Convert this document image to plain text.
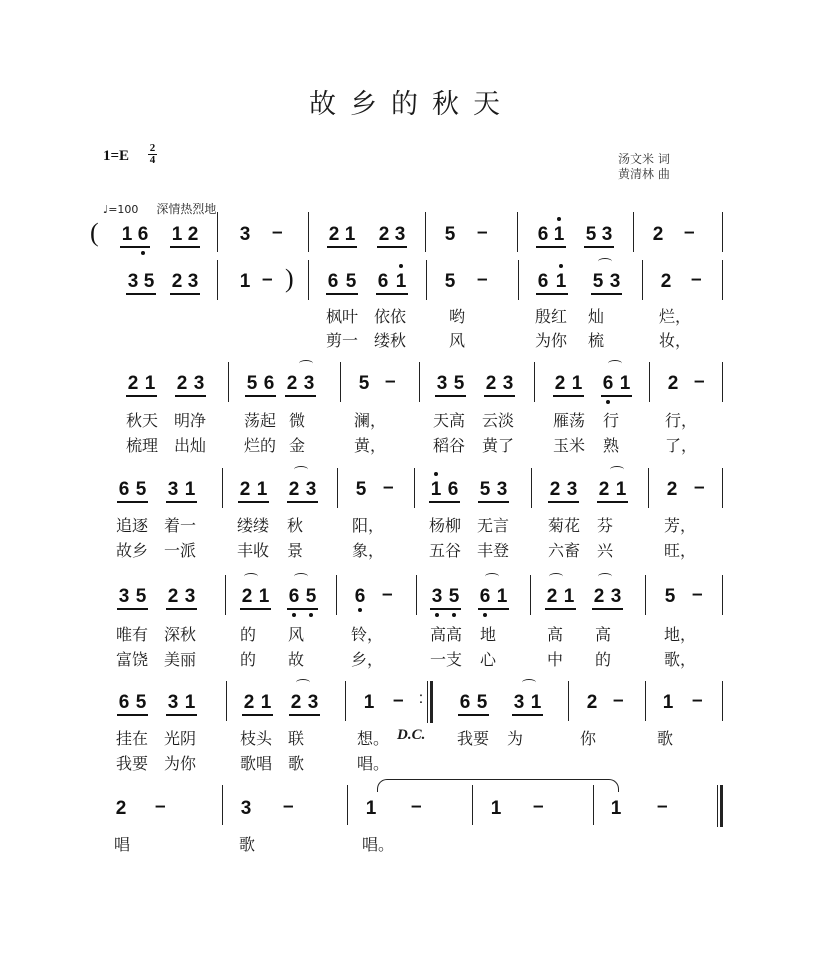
故乡的秋天
1=E 2
4	汤文米 词
黄清林 曲
♩=100 深情热烈地
( 1 6 1 2 3 – 2 1 2 3 5 –	6 1 5 3 2 –
3 5 2 3 1 – ) 6 5 6 1 5 –	6 1 5 3 2 –
枫叶 依依	哟	殷红 灿	烂，
剪一 缕秋	风	为你 梳	妆，
2 1 2 3 5 6 2 3 5 – 3 5 2 3 2 1 6 1 2 –
秋天 明净 荡起 微	澜，	天高 云淡 雁荡 行	行，
梳理 出灿 烂的 金	黄，	稻谷 黄了 玉米 熟	了，
6 5 3 1 2 1 2 3 5 – 1 6 5 3 2 3 2 1 2 –
追逐 着一	缕缕 秋	阳，	杨柳 无言 菊花 芬	芳，
故乡 一派	丰收 景	象，	五谷 丰登 六畜 兴	旺，
3 5 2 3 2 1 6 5 6 – 3 5 6 1 2 1 2 3 5 –
唯有 深秋	的 风	铃，	高高 地	高 高	地，
富饶 美丽	的 故	乡，	一支 心	中 的	歌，
6 5 3 1	2 1 2 3 1 – : 6 5 3 1 2 – 1 –
挂在 光阴	枝头 联	想。 D.C. 我要 为	你	歌
我要 为你	歌唱 歌	唱。
2 –	3 –	1 –	1 –	1 –
唱	歌	唱。
